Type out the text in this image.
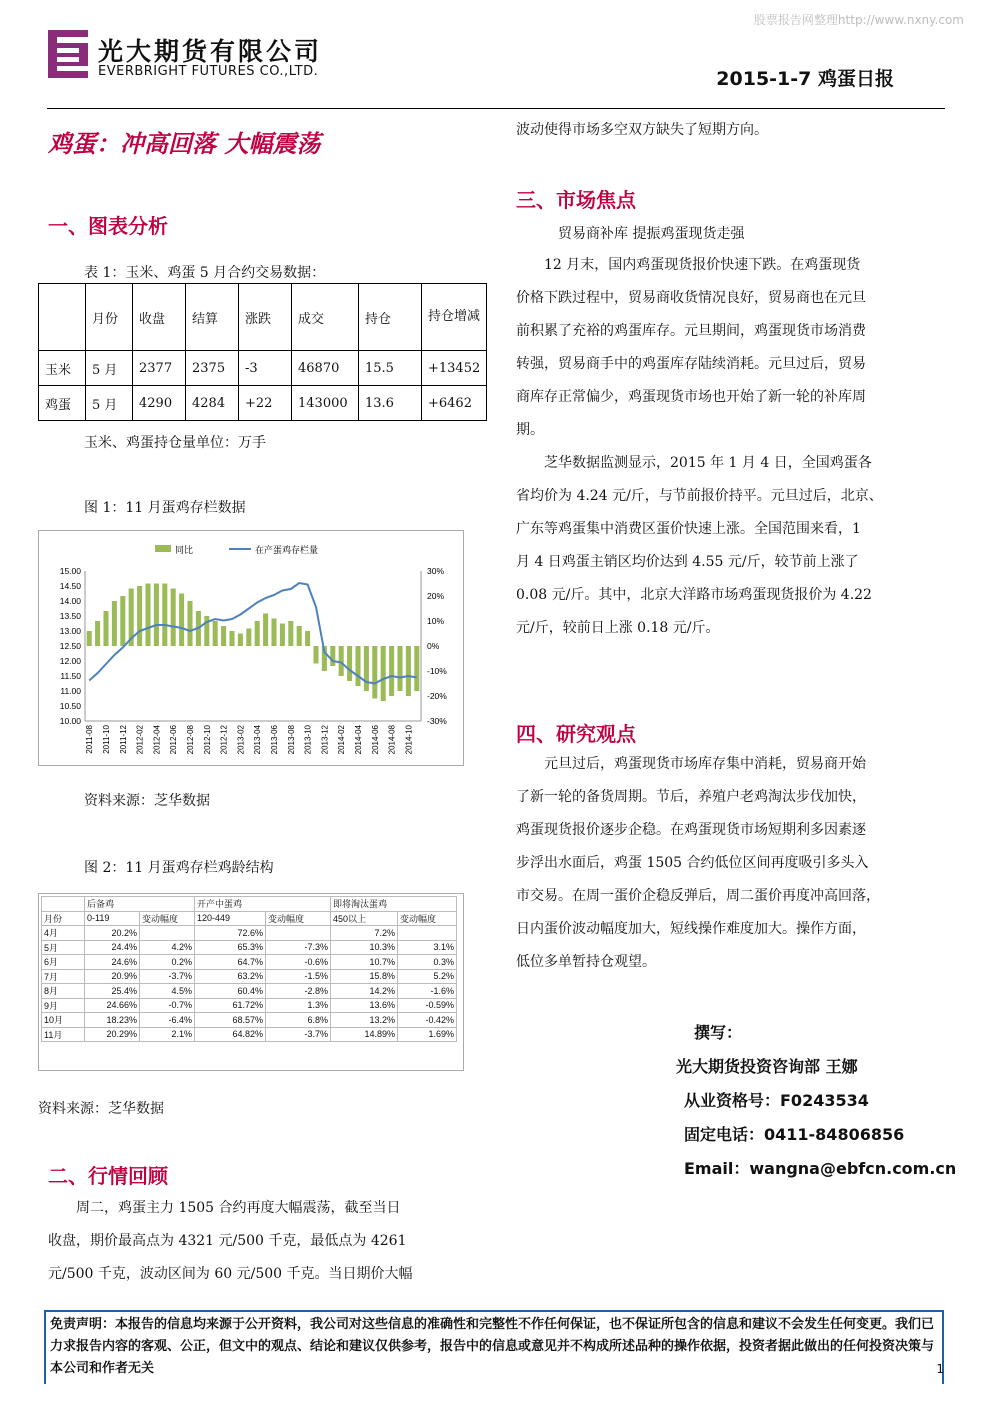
股票报告网整理http://www.nxny.com
光大期货有限公司
EVERBRIGHT FUTURES CO.,LTD.	2015-1-7 鸡蛋日报
鸡蛋：冲高回落 大幅震荡
一、图表分析
表 1：玉米、鸡蛋 5 月合约交易数据：
	月份	收盘	结算	涨跌	成交	持仓	持仓增减
玉米	5 月	2377	2375	-3	46870	15.5	+13452
鸡蛋	5 月	4290	4284	+22	143000	13.6	+6462
玉米、鸡蛋持仓量单位：万手
图 1：11 月蛋鸡存栏数据
10.00
10.50
11.00
11.50
12.00
12.50
13.00
13.50
14.00
14.50
15.00
-30%
-20%
-10%
0%
10%
20%
30%
2011-08 2011-10 2011-12 2012-02 2012-04 2012-06 2012-08 2012-10 2012-12 2013-02 2013-04 2013-06 2013-08 2013-10 2013-12 2014-02 2014-04 2014-06 2014-08 2014-10
同比	在产蛋鸡存栏量
资料来源：芝华数据
图 2：11 月蛋鸡存栏鸡龄结构
	后备鸡		开产中蛋鸡		即将淘汰蛋鸡	
月份	0-119	变动幅度	120-449	变动幅度	450以上	变动幅度
4月	20.2%		72.6%		7.2%	
5月	24.4%	4.2%	65.3%	-7.3%	10.3%	3.1%
6月	24.6%	0.2%	64.7%	-0.6%	10.7%	0.3%
7月	20.9%	-3.7%	63.2%	-1.5%	15.8%	5.2%
8月	25.4%	4.5%	60.4%	-2.8%	14.2%	-1.6%
9月	24.66%	-0.7%	61.72%	1.3%	13.6%	-0.59%
10月	18.23%	-6.4%	68.57%	6.8%	13.2%	-0.42%
11月	20.29%	2.1%	64.82%	-3.7%	14.89%	1.69%
资料来源：芝华数据
二、行情回顾
　　周二，鸡蛋主力 1505 合约再度大幅震荡，截至当日
收盘，期价最高点为 4321 元/500 千克，最低点为 4261
元/500 千克，波动区间为 60 元/500 千克。当日期价大幅
波动使得市场多空双方缺失了短期方向。
三、市场焦点
贸易商补库 提振鸡蛋现货走强
　　12 月末，国内鸡蛋现货报价快速下跌。在鸡蛋现货
价格下跌过程中，贸易商收货情况良好，贸易商也在元旦
前积累了充裕的鸡蛋库存。元旦期间，鸡蛋现货市场消费
转强，贸易商手中的鸡蛋库存陆续消耗。元旦过后，贸易
商库存正常偏少，鸡蛋现货市场也开始了新一轮的补库周
期。
　　芝华数据监测显示，2015 年 1 月 4 日，全国鸡蛋各
省均价为 4.24 元/斤，与节前报价持平。元旦过后，北京、
广东等鸡蛋集中消费区蛋价快速上涨。全国范围来看，1
月 4 日鸡蛋主销区均价达到 4.55 元/斤，较节前上涨了
0.08 元/斤。其中，北京大洋路市场鸡蛋现货报价为 4.22
元/斤，较前日上涨 0.18 元/斤。
四、研究观点
　　元旦过后，鸡蛋现货市场库存集中消耗，贸易商开始
了新一轮的备货周期。节后，养殖户老鸡淘汰步伐加快，
鸡蛋现货报价逐步企稳。在鸡蛋现货市场短期利多因素逐
步浮出水面后，鸡蛋 1505 合约低位区间再度吸引多头入
市交易。在周一蛋价企稳反弹后，周二蛋价再度冲高回落，
日内蛋价波动幅度加大，短线操作难度加大。操作方面，
低位多单暂持仓观望。
撰写：
光大期货投资咨询部 王娜
从业资格号：F0243534
固定电话：0411-84806856
Email：wangna@ebfcn.com.cn
免责声明：本报告的信息均来源于公开资料，我公司对这些信息的准确性和完整性不作任何保证，也不保证所包含的信息和建议不会发生任何变更。我们已力求报告内容的客观、公正，但文中的观点、结论和建议仅供参考，报告中的信息或意见并不构成所述品种的操作依据，投资者据此做出的任何投资决策与本公司和作者无关	1
